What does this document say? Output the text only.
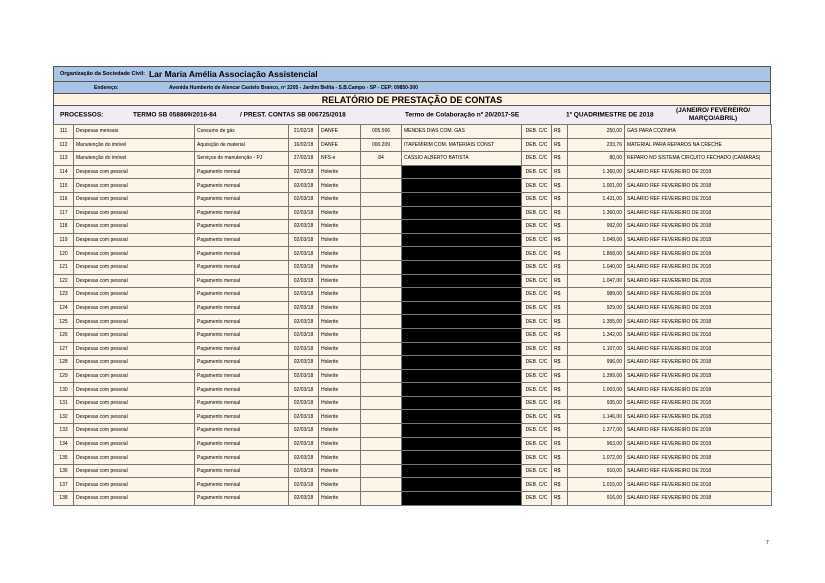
Organização da Sociedade Civil: Lar Maria Amélia Associação Assistencial
Endereço:	Avenida Humberto de Alencar Castelo Branco, nº 2205 - Jardim Belita - S.B.Campo - SP - CEP: 09850-300
RELATÓRIO DE PRESTAÇÃO DE CONTAS
PROCESSOS:	TERMO SB 058869/2016-84	/ PREST. CONTAS SB 006725/2018	Termo de Colaboração nº 20/2017-SE	1º QUADRIMESTRE DE 2018
(JANEIRO/ FEVEREIRO/
MARÇO/ABRIL)
111	Despesas mensais	Consumo de gás	21/02/18	DANFE	005.566	MENDES DIAS COM. GAS	DEB. C/C	R$	250,00	GAS PARA COZINHA
112	Manutenção do imóvel	Aquisição de material	16/02/18	DANFE	000.209	ITAPEMIRIM COM. MATERIAIS CONST	DEB. C/C	R$	233,76	MATERIAL PARA REPAROS NA CRECHE
113	Manutenção do imóvel	Serviços de manutenção - PJ	27/02/18	NFS-e	84	CASSIO ALBERTO BATISTA	DEB. C/C	R$	80,00	REPARO NO SISTEMA CIRCUITO FECHADO (CAMARAS)
114	Despesas com pessoal	Pagamento mensal	02/03/18	Holerite			DEB. C/C	R$	1.360,00	SALARIO REF FEVEREIRO DE 2018
115	Despesas com pessoal	Pagamento mensal	02/03/18	Holerite			DEB. C/C	R$	1.001,00	SALARIO REF FEVEREIRO DE 2018
116	Despesas com pessoal	Pagamento mensal	02/03/18	Holerite			DEB. C/C	R$	1.431,00	SALARIO REF FEVEREIRO DE 2018
117	Despesas com pessoal	Pagamento mensal	02/03/18	Holerite			DEB. C/C	R$	1.360,00	SALARIO REF FEVEREIRO DE 2018
118	Despesas com pessoal	Pagamento mensal	02/03/18	Holerite			DEB. C/C	R$	992,00	SALARIO REF FEVEREIRO DE 2018
119	Despesas com pessoal	Pagamento mensal	02/03/18	Holerite			DEB. C/C	R$	1.049,00	SALARIO REF FEVEREIRO DE 2018
120	Despesas com pessoal	Pagamento mensal	02/03/18	Holerite			DEB. C/C	R$	1.868,00	SALARIO REF FEVEREIRO DE 2018
121	Despesas com pessoal	Pagamento mensal	02/03/18	Holerite			DEB. C/C	R$	1.040,00	SALARIO REF FEVEREIRO DE 2018
122	Despesas com pessoal	Pagamento mensal	02/03/18	Holerite			DEB. C/C	R$	1.047,00	SALARIO REF FEVEREIRO DE 2018
123	Despesas com pessoal	Pagamento mensal	02/03/18	Holerite			DEB. C/C	R$	989,00	SALARIO REF FEVEREIRO DE 2018
124	Despesas com pessoal	Pagamento mensal	02/03/18	Holerite			DEB. C/C	R$	929,00	SALARIO REF FEVEREIRO DE 2018
125	Despesas com pessoal	Pagamento mensal	02/03/18	Holerite			DEB. C/C	R$	1.355,00	SALARIO REF FEVEREIRO DE 2018
126	Despesas com pessoal	Pagamento mensal	02/03/18	Holerite			DEB. C/C	R$	1.342,00	SALARIO REF FEVEREIRO DE 2018
127	Despesas com pessoal	Pagamento mensal	02/03/18	Holerite			DEB. C/C	R$	1.107,00	SALARIO REF FEVEREIRO DE 2018
128	Despesas com pessoal	Pagamento mensal	02/03/18	Holerite			DEB. C/C	R$	996,00	SALARIO REF FEVEREIRO DE 2018
129	Despesas com pessoal	Pagamento mensal	02/03/18	Holerite			DEB. C/C	R$	1.399,00	SALARIO REF FEVEREIRO DE 2018
130	Despesas com pessoal	Pagamento mensal	02/03/18	Holerite			DEB. C/C	R$	1.003,00	SALARIO REF FEVEREIRO DE 2018
131	Despesas com pessoal	Pagamento mensal	02/03/18	Holerite			DEB. C/C	R$	935,00	SALARIO REF FEVEREIRO DE 2018
132	Despesas com pessoal	Pagamento mensal	02/03/18	Holerite			DEB. C/C	R$	1.146,00	SALARIO REF FEVEREIRO DE 2018
133	Despesas com pessoal	Pagamento mensal	02/03/18	Holerite			DEB. C/C	R$	1.377,00	SALARIO REF FEVEREIRO DE 2018
134	Despesas com pessoal	Pagamento mensal	02/03/18	Holerite			DEB. C/C	R$	963,00	SALARIO REF FEVEREIRO DE 2018
135	Despesas com pessoal	Pagamento mensal	02/03/18	Holerite			DEB. C/C	R$	1.072,00	SALARIO REF FEVEREIRO DE 2018
136	Despesas com pessoal	Pagamento mensal	02/03/18	Holerite			DEB. C/C	R$	910,00	SALARIO REF FEVEREIRO DE 2018
137	Despesas com pessoal	Pagamento mensal	02/03/18	Holerite			DEB. C/C	R$	1.015,00	SALARIO REF FEVEREIRO DE 2018
138	Despesas com pessoal	Pagamento mensal	02/03/18	Holerite			DEB. C/C	R$	916,00	SALARIO REF FEVEREIRO DE 2018
7
